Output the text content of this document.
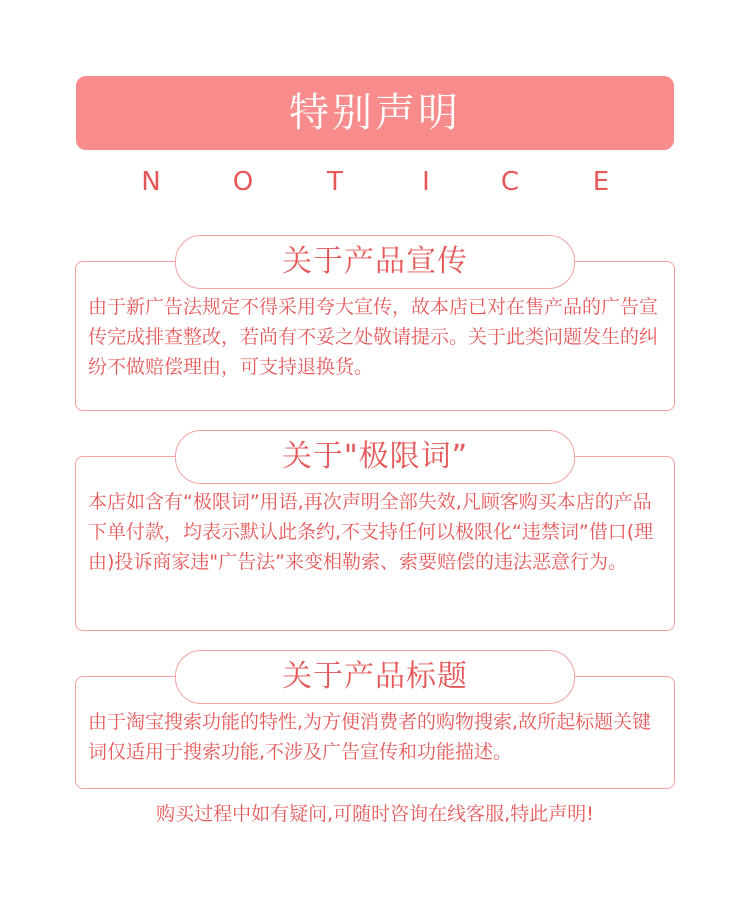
特别声明
N	O	T	I	C	E
关于产品宣传
由于新广告法规定不得采用夸大宣传，故本店已对在售产品的广告宣传完成排查整改，若尚有不妥之处敬请提示。关于此类问题发生的纠纷不做赔偿理由，可支持退换货。
关于"极限词”
本店如含有“极限词”用语,再次声明全部失效,凡顾客购买本店的产品下单付款，均表示默认此条约,不支持任何以极限化“违禁词”借口(理由)投诉商家违"广告法”来变相勒索、索要赔偿的违法恶意行为。
关于产品标题
由于淘宝搜索功能的特性,为方便消费者的购物搜索,故所起标题关键词仅适用于搜索功能,不涉及广告宣传和功能描述。
购买过程中如有疑问,可随时咨询在线客服,特此声明!
